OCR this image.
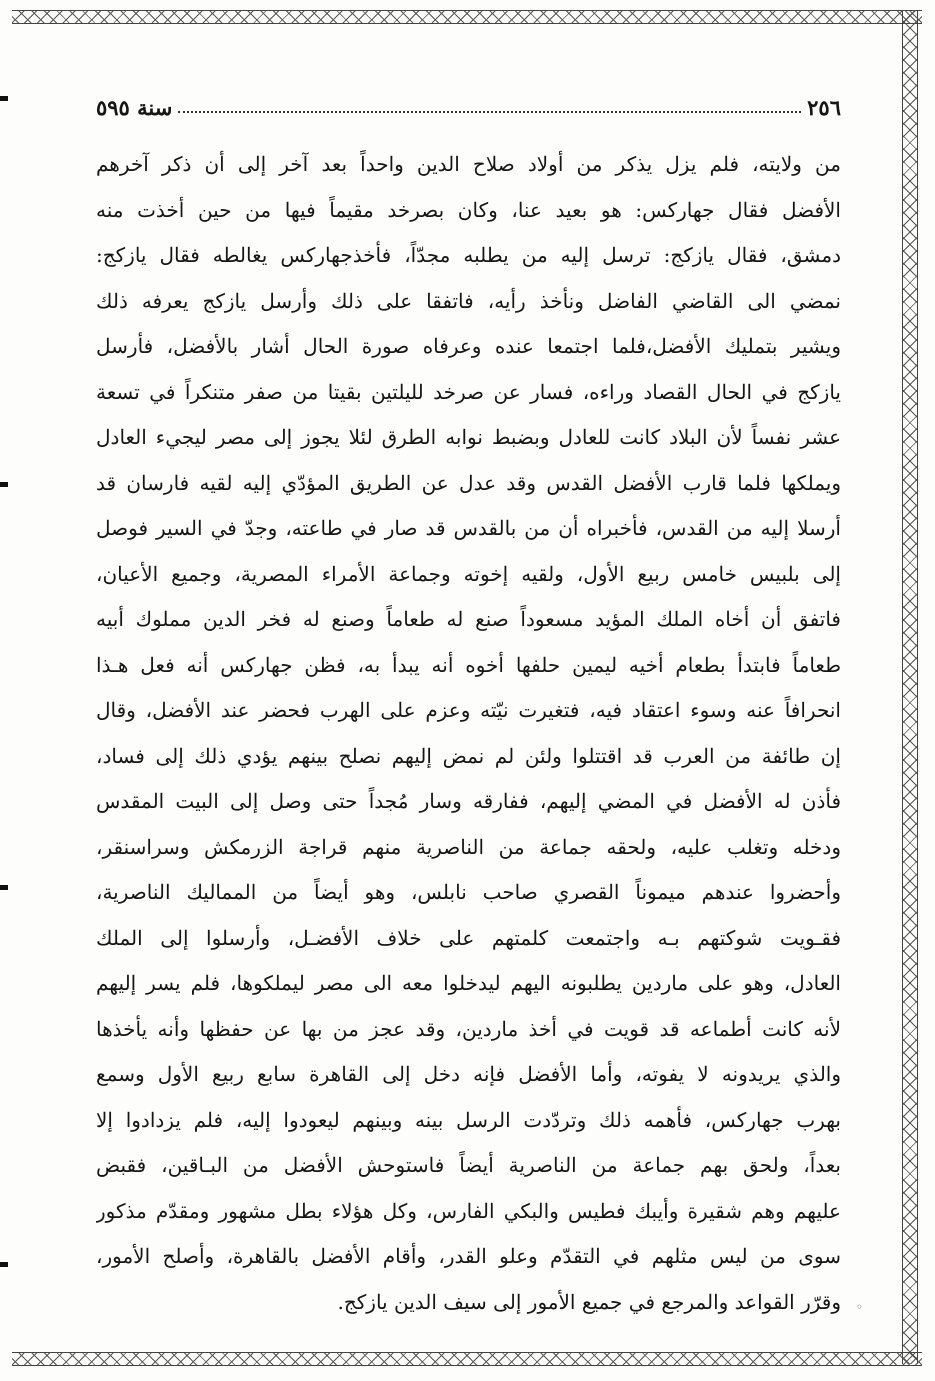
٢٥٦
سنة ٥٩٥
من ولايته، فلم يزل يذكر من أولاد صلاح الدين واحداً بعد آخر إلى أن ذكر آخرهم
الأفضل فقال جهاركس: هو بعيد عنا، وكان بصرخد مقيماً فيها من حين أخذت منه
دمشق، فقال يازكج: ترسل إليه من يطلبه مجدّاً، فأخذجهاركس يغالطه فقال يازكج:
نمضي الى القاضي الفاضل ونأخذ رأيه، فاتفقا على ذلك وأرسل يازكج يعرفه ذلك
ويشير بتمليك الأفضل،فلما اجتمعا عنده وعرفاه صورة الحال أشار بالأفضل، فأرسل
يازكج في الحال القصاد وراءه، فسار عن صرخد لليلتين بقيتا من صفر متنكراً في تسعة
عشر نفساً لأن البلاد كانت للعادل وبضبط نوابه الطرق لئلا يجوز إلى مصر ليجيء العادل
ويملكها فلما قارب الأفضل القدس وقد عدل عن الطريق المؤدّي إليه لقيه فارسان قد
أرسلا إليه من القدس، فأخبراه أن من بالقدس قد صار في طاعته، وجدّ في السير فوصل
إلى بلبيس خامس ربيع الأول، ولقيه إخوته وجماعة الأمراء المصرية، وجميع الأعيان،
فاتفق أن أخاه الملك المؤيد مسعوداً صنع له طعاماً وصنع له فخر الدين مملوك أبيه
طعاماً فابتدأ بطعام أخيه ليمين حلفها أخوه أنه يبدأ به، فظن جهاركس أنه فعل هـذا
انحرافاً عنه وسوء اعتقاد فيه، فتغيرت نيّته وعزم على الهرب فحضر عند الأفضل، وقال
إن طائفة من العرب قد اقتتلوا ولئن لم نمض إليهم نصلح بينهم يؤدي ذلك إلى فساد،
فأذن له الأفضل في المضي إليهم، ففارقه وسار مُجداً حتى وصل إلى البيت المقدس
ودخله وتغلب عليه، ولحقه جماعة من الناصرية منهم قراجة الزرمكش وسراسنقر،
وأحضروا عندهم ميموناً القصري صاحب نابلس، وهو أيضاً من المماليك الناصرية،
فقـويت شوكتهم بـه واجتمعت كلمتهم على خلاف الأفضـل، وأرسلوا إلى الملك
العادل، وهو على ماردين يطلبونه اليهم ليدخلوا معه الى مصر ليملكوها، فلم يسر إليهم
لأنه كانت أطماعه قد قويت في أخذ ماردين، وقد عجز من بها عن حفظها وأنه يأخذها
والذي يريدونه لا يفوته، وأما الأفضل فإنه دخل إلى القاهرة سابع ربيع الأول وسمع
بهرب جهاركس، فأهمه ذلك وتردّدت الرسل بينه وبينهم ليعودوا إليه، فلم يزدادوا إلا
بعداً، ولحق بهم جماعة من الناصرية أيضاً فاستوحش الأفضل من البـاقين، فقبض
عليهم وهم شقيرة وأيبك فطيس والبكي الفارس، وكل هؤلاء بطل مشهور ومقدّم مذكور
سوى من ليس مثلهم في التقدّم وعلو القدر، وأقام الأفضل بالقاهرة، وأصلح الأمور،
وقرّر القواعد والمرجع في جميع الأمور إلى سيف الدين يازكج. ◦
